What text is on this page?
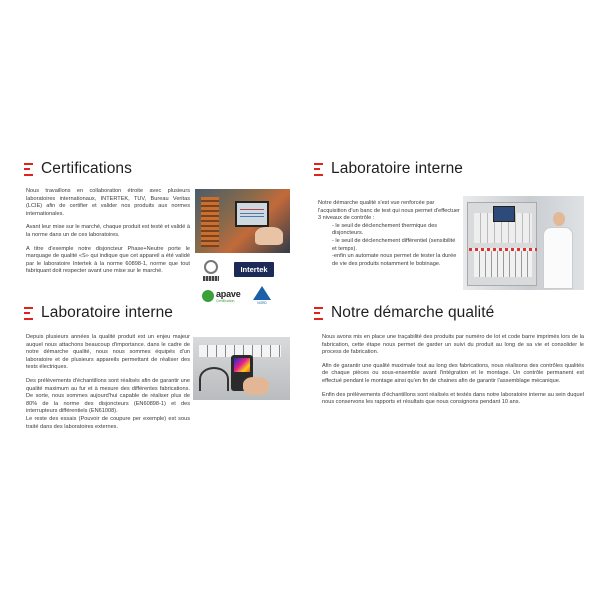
Certifications

Nous travaillons en collaboration étroite avec plusieurs laboratoires internationaux, INTERTEK, TUV, Bureau Veritas (LCIE) afin de certifier et valider nos produits aux normes internationales.

Avant leur mise sur le marché, chaque produit est testé et validé à la norme dans un de ces laboratoires.

A titre d'exemple notre disjoncteur Phase+Neutre porte le marquage de qualité «S» qui indique que cet appareil a été validé par le laboratoire Intertek à la norme 60898-1, norme que tout fabriquant doit respecter avant une mise sur le marché.	Intertek
apave
Certification	NORD
Laboratoire interne

Notre démarche qualité s'est vue renforcée par l'acquisition d'un banc de test qui nous permet d'effectuer 3 niveaux de contrôle :

- le seuil de déclenchement thermique des disjoncteurs.

- le seuil de déclenchement différentiel (sensibilité et temps).

-enfin un automate nous permet de tester la durée de vie des produits notamment le bobinage.

Laboratoire interne

Depuis plusieurs années la qualité produit est un enjeu majeur auquel nous attachons beaucoup d'importance. dans le cadre de notre démarche qualité, nous nous sommes équipés d'un laboratoire et de plusieurs appareils permettant de réaliser des tests électriques.

Des prélèvements d'échantillons sont réalisés afin de garantir une qualité maximum au fur et à mesure des différentes fabrications. De sorte, nous sommes aujourd'hui capable de réaliser plus de 80% de la norme des disjoncteurs (EN60898-1) et des interrupteurs différentiels (EN61008).

Le reste des essais (Pouvoir de coupure per exemple) est sous traité dans des laboratoires externes.

Notre démarche qualité

Nous avons mis en place une traçabilité des produits par numéro de lot et code barre imprimés lors de la fabrication, cette étape nous permet de garder un suivi du produit au long de sa vie et consolider le process de fabrication.

Afin de garantir une qualité maximale tout au long des fabrications, nous réalisons des contrôles qualités de chaque pièces ou sous-ensemble avant l'intégration et le montage. Un contrôle permanent est effectué pendant le montage ainsi qu'en fin de chaines afin de garantir l'assemblage mécanique.

Enfin des prélèvements d'échantillons sont réalisés et testés dans notre laboratoire interne au sein duquel nous conservons les rapports et résultats que nous consignons pendant 10 ans.
